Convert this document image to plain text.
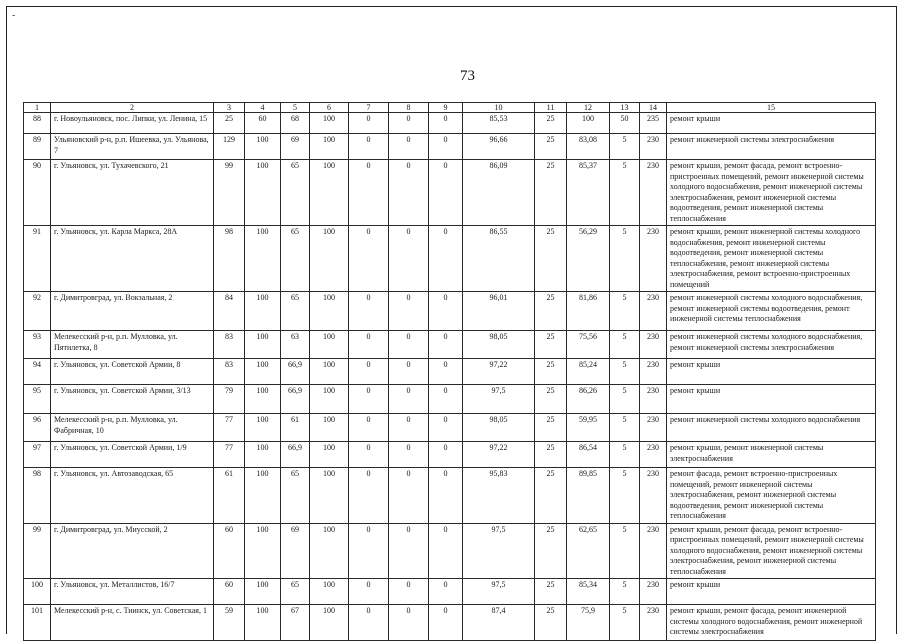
-
73
1	2	3	4	5	6	7	8	9	10	11	12	13	14	15
88	г. Новоульяновск, пос. Липки, ул. Ленина, 15	25	60	68	100	0	0	0	85,53	25	100	50	235	ремонт крыши
89	Ульяновский р-н, р.п. Ишеевка, ул. Ульянова, 7	129	100	69	100	0	0	0	96,66	25	83,08	5	230	ремонт инженерной системы электроснабжения
90	г. Ульяновск, ул. Тухачевского, 21	99	100	65	100	0	0	0	86,09	25	85,37	5	230	ремонт крыши, ремонт фасада, ремонт встроенно-пристроенных помещений, ремонт инженерной системы холодного водоснабжения, ремонт инженерной системы электроснабжения, ремонт инженерной системы водоотведения, ремонт инженерной системы теплоснабжения
91	г. Ульяновск, ул. Карла Маркса, 28А	98	100	65	100	0	0	0	86,55	25	56,29	5	230	ремонт крыши, ремонт инженерной системы холодного водоснабжения, ремонт инженерной системы водоотведения, ремонт инженерной системы теплоснабжения, ремонт инженерной системы электроснабжения, ремонт встроенно-пристроенных помещений
92	г. Димитровград, ул. Вокзальная, 2	84	100	65	100	0	0	0	96,01	25	81,86	5	230	ремонт инженерной системы холодного водоснабжения, ремонт инженерной системы водоотведения, ремонт инженерной системы теплоснабжения
93	Мелекесский р-н, р.п. Мулловка, ул. Пятилетка, 8	83	100	63	100	0	0	0	98,05	25	75,56	5	230	ремонт инженерной системы холодного водоснабжения, ремонт инженерной системы электроснабжения
94	г. Ульяновск, ул. Советской Армии, 8	83	100	66,9	100	0	0	0	97,22	25	85,24	5	230	ремонт крыши
95	г. Ульяновск, ул. Советской Армии, 3/13	79	100	66,9	100	0	0	0	97,5	25	86,26	5	230	ремонт крыши
96	Мелекесский р-н, р.п. Мулловка, ул. Фабричная, 10	77	100	61	100	0	0	0	98,05	25	59,95	5	230	ремонт инженерной системы холодного водоснабжения
97	г. Ульяновск, ул. Советской Армии, 1/9	77	100	66,9	100	0	0	0	97,22	25	86,54	5	230	ремонт крыши, ремонт инженерной системы электроснабжения
98	г. Ульяновск, ул. Автозаводская, 65	61	100	65	100	0	0	0	95,83	25	89,85	5	230	ремонт фасада, ремонт встроенно-пристроенных помещений, ремонт инженерной системы электроснабжения, ремонт инженерной системы водоотведения, ремонт инженерной системы теплоснабжения
99	г. Димитровград, ул. Миусской, 2	60	100	69	100	0	0	0	97,5	25	62,65	5	230	ремонт крыши, ремонт фасада, ремонт встроенно-пристроенных помещений, ремонт инженерной системы холодного водоснабжения, ремонт инженерной системы электроснабжения, ремонт инженерной системы теплоснабжения
100	г. Ульяновск, ул. Металлистов, 16/7	60	100	65	100	0	0	0	97,5	25	85,34	5	230	ремонт крыши
101	Мелекесский р-н, с. Тиинск, ул. Советская, 1	59	100	67	100	0	0	0	87,4	25	75,9	5	230	ремонт крыши, ремонт фасада, ремонт инженерной системы холодного водоснабжения, ремонт инженерной системы электроснабжения
